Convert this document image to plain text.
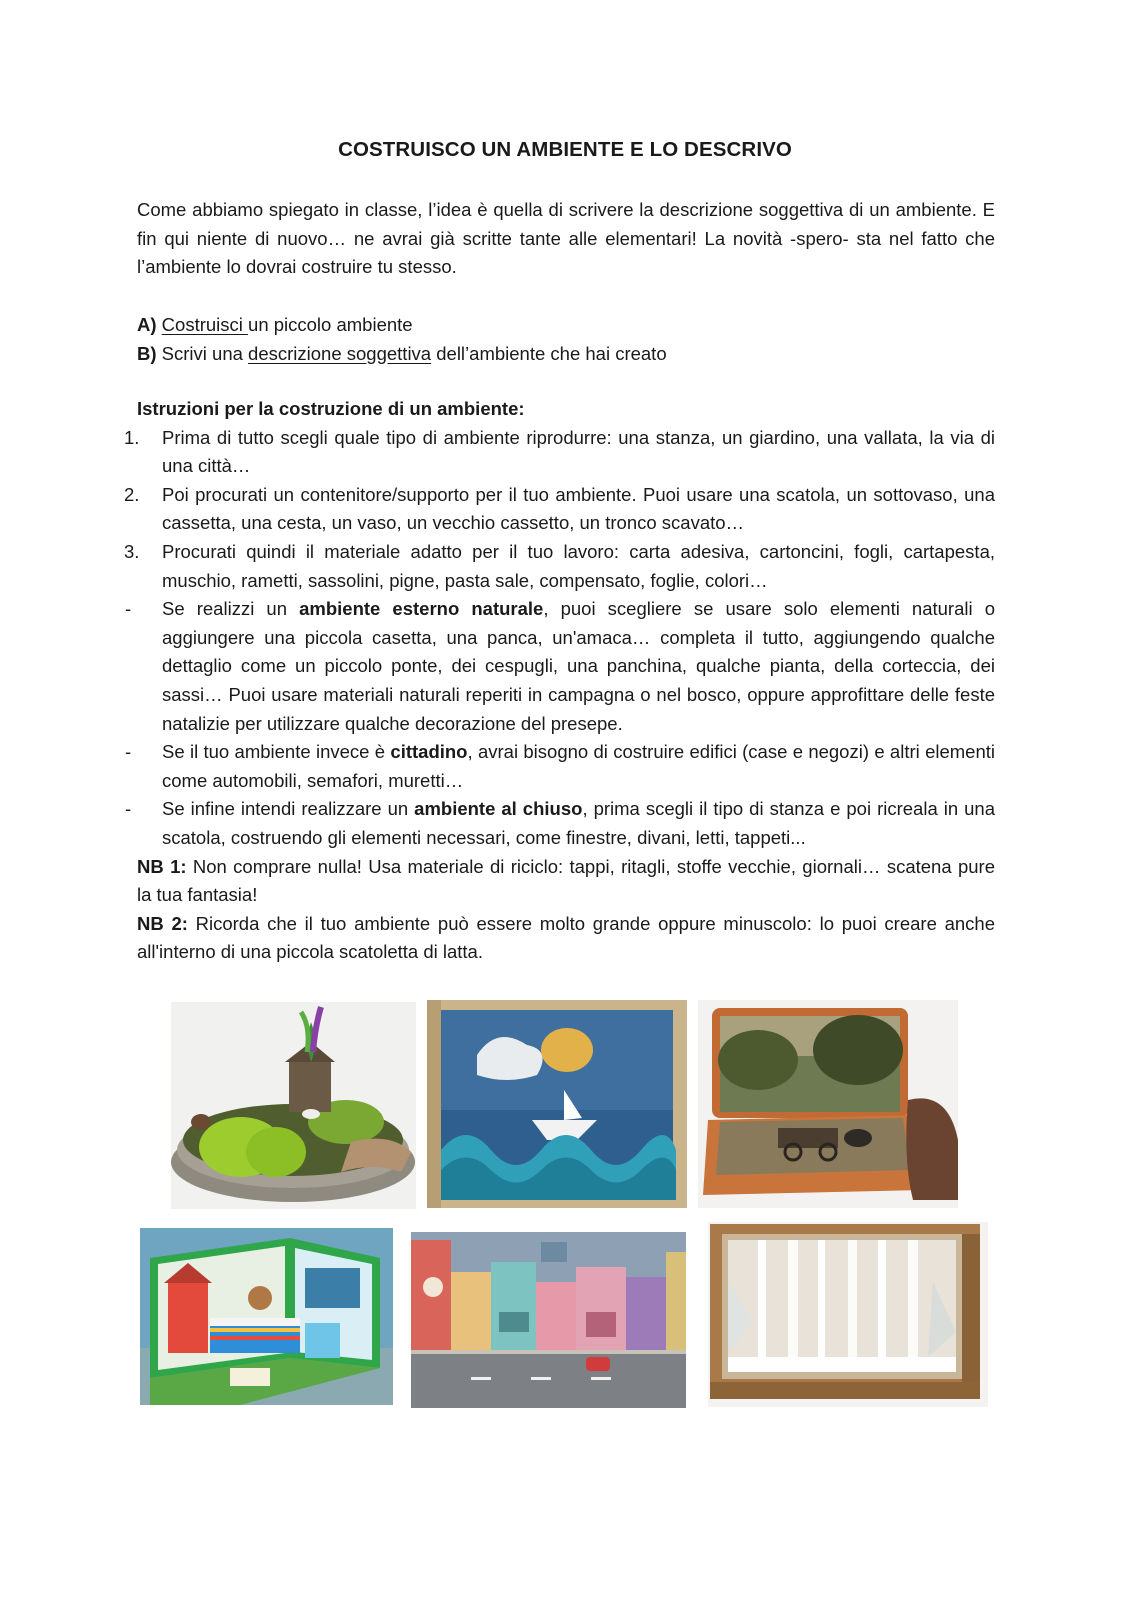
COSTRUISCO UN AMBIENTE E LO DESCRIVO
Come abbiamo spiegato in classe, l’idea è quella di scrivere la descrizione soggettiva di un ambiente. E fin qui niente di nuovo… ne avrai già scritte tante alle elementari! La novità -spero- sta nel fatto che l’ambiente lo dovrai costruire tu stesso.
A) Costruisci un piccolo ambiente
B) Scrivi una descrizione soggettiva dell’ambiente che hai creato
Istruzioni per la costruzione di un ambiente:
1. Prima di tutto scegli quale tipo di ambiente riprodurre: una stanza, un giardino, una vallata, la via di una città…
2. Poi procurati un contenitore/supporto per il tuo ambiente. Puoi usare una scatola, un sottovaso, una cassetta, una cesta, un vaso, un vecchio cassetto, un tronco scavato…
3. Procurati quindi il materiale adatto per il tuo lavoro: carta adesiva, cartoncini, fogli, cartapesta, muschio, rametti, sassolini, pigne, pasta sale, compensato, foglie, colori…
- Se realizzi un ambiente esterno naturale, puoi scegliere se usare solo elementi naturali o aggiungere una piccola casetta, una panca, un'amaca… completa il tutto, aggiungendo qualche dettaglio come un piccolo ponte, dei cespugli, una panchina, qualche pianta, della corteccia, dei sassi… Puoi usare materiali naturali reperiti in campagna o nel bosco, oppure approfittare delle feste natalizie per utilizzare qualche decorazione del presepe.
- Se il tuo ambiente invece è cittadino, avrai bisogno di costruire edifici (case e negozi) e altri elementi come automobili, semafori, muretti…
- Se infine intendi realizzare un ambiente al chiuso, prima scegli il tipo di stanza e poi ricreala in una scatola, costruendo gli elementi necessari, come finestre, divani, letti, tappeti...
NB 1: Non comprare nulla! Usa materiale di riciclo: tappi, ritagli, stoffe vecchie, giornali… scatena pure la tua fantasia!
NB 2: Ricorda che il tuo ambiente può essere molto grande oppure minuscolo: lo puoi creare anche all'interno di una piccola scatoletta di latta.
